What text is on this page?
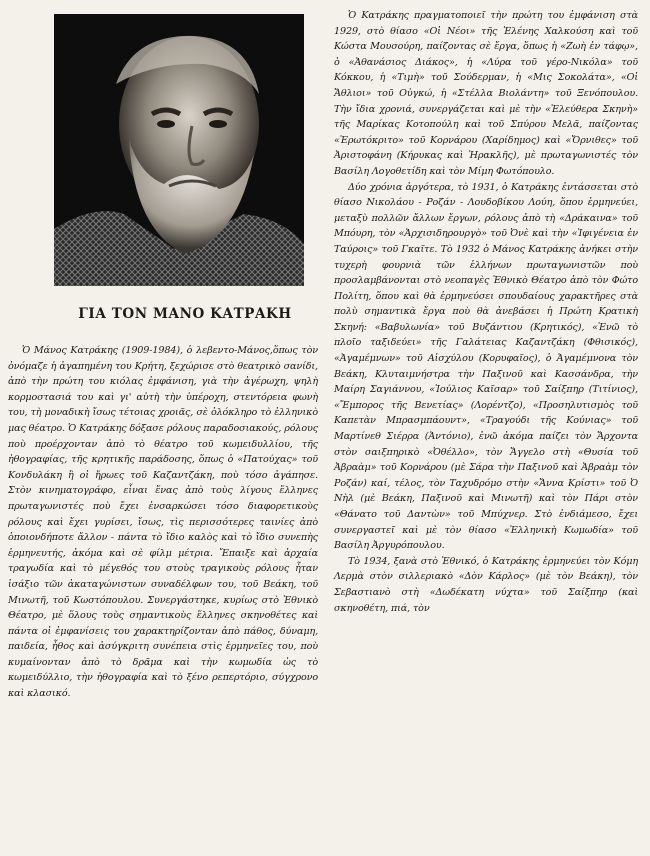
ΓΙΑ ΤΟΝ ΜΑΝΟ ΚΑΤΡΑΚΗ

Ὁ Μάνος Κατράκης (1909-1984), ὁ λεβεντο-Μάνος,ὅπως τὸν ὀνόμαζε ἡ ἀγαπημένη του Κρήτη, ξεχώρισε στὸ θεατρικὸ σανίδι, ἀπὸ τὴν πρώτη του κιόλας ἐμφάνιση, γιὰ τὴν ἀγέρωχη, ψηλὴ κορμοστασιά του καὶ γι' αὐτὴ τὴν ὑπέροχη, στεντόρεια φωνὴ του, τὴ μοναδικὴ ἴσως τέτοιας χροιᾶς, σὲ ὁλόκληρο τὸ ἑλληνικὸ μας θέατρο. Ὁ Κατράκης δόξασε ρόλους παραδοσιακούς, ρόλους ποὺ προέρχονταν ἀπὸ τὸ θέατρο τοῦ κωμειδυλλίου, τῆς ἠθογραφίας, τῆς κρητικῆς παράδοσης, ὅπως ὁ «Πατούχας» τοῦ Κονδυλάκη ἢ οἱ ἥρωες τοῦ Καζαντζάκη, ποὺ τόσο ἀγάπησε. Στὸν κινηματογράφο, εἶναι ἕνας ἀπὸ τοὺς λίγους ἕλληνες πρωταγωνιστές ποὺ ἔχει ἐνσαρκώσει τόσο διαφορετικοὺς ρόλους καὶ ἔχει γυρίσει, ἴσως, τὶς περισσότερες ταινίες ἀπὸ ὁποιονδήποτε ἄλλον - πάντα τὸ ἴδιο καλὸς καὶ τὸ ἴδιο συνεπὴς ἑρμηνευτής, ἀκόμα καὶ σὲ φίλμ μέτρια. Ἔπαιξε καὶ ἀρχαία τραγωδία καὶ τὸ μέγεθός του στοὺς τραγικοὺς ρόλους ἦταν ἰσάξιο τῶν ἀκαταγώνιστων συναδέλφων του, τοῦ Βεάκη, τοῦ Μινωτῆ, τοῦ Κωστόπουλου. Συνεργάστηκε, κυρίως στὸ Ἐθνικὸ Θέατρο, μὲ ὅλους τοὺς σημαντικοὺς ἕλληνες σκηνοθέτες καὶ πάντα οἱ ἐμφανίσεις του χαρακτηρίζονταν ἀπὸ πάθος, δύναμη, παιδεία, ἦθος καὶ ἀσύγκριτη συνέπεια στὶς ἑρμηνεῖες του, ποὺ κυμαίνονταν ἀπὸ τὸ δρᾶμα καὶ τὴν κωμωδία ὡς τὸ κωμειδύλλιο, τὴν ἠθογραφία καὶ τὸ ξένο ρεπερτόριο, σύγχρονο καὶ κλασικό.

Ὁ Κατράκης πραγματοποιεῖ τὴν πρώτη του ἐμφάνιση στὰ 1929, στὸ θίασο «Οἱ Νέοι» τῆς Ἑλένης Χαλκούση καὶ τοῦ Κώστα Μουσούρη, παίζοντας σὲ ἔργα, ὅπως ἡ «Ζωὴ ἐν τάφῳ», ὁ «Ἀθανάσιος Διάκος», ἡ «Λύρα τοῦ γέρο-Νικόλα» τοῦ Κόκκου, ἡ «Τιμὴ» τοῦ Σούδερμαν, ἡ «Μις Σοκολάτα», «Οἱ Ἄθλιοι» τοῦ Οὐγκώ, ἡ «Στέλλα Βιολάντη» τοῦ Ξενόπουλου. Τὴν ἴδια χρονιά, συνεργάζεται καὶ μὲ τὴν «Ἐλεύθερα Σκηνὴ» τῆς Μαρίκας Κοτοπούλη καὶ τοῦ Σπύρου Μελᾶ, παίζοντας «Ἐρωτόκριτο» τοῦ Κορνάρου (Χαρίδημος) καὶ «Ὄρνιθες» τοῦ Ἀριστοφάνη (Κήρυκας καὶ Ἡρακλῆς), μὲ πρωταγωνιστές τὸν Βασίλη Λογοθετίδη καὶ τὸν Μίμη Φωτόπουλο.

Δύο χρόνια ἀργότερα, τὸ 1931, ὁ Κατράκης ἐντάσσεται στὸ θίασο Νικολάου - Ροζάν - Λουδοβίκου Λούη, ὅπου ἑρμηνεύει, μεταξὺ πολλῶν ἄλλων ἔργων, ρόλους ἀπὸ τὴ «Δράκαινα» τοῦ Μπόυρη, τὸν «Ἀρχισιδηρουργὸ» τοῦ Ὀνὲ καὶ τὴν «Ἰφιγένεια ἐν Ταύροις» τοῦ Γκαῖτε. Τὸ 1932 ὁ Μάνος Κατράκης ἀνήκει στὴν τυχερὴ φουρνιὰ τῶν ἑλλήνων πρωταγωνιστῶν ποὺ προσλαμβάνονται στὸ νεοπαγὲς Ἐθνικὸ Θέατρο ἀπὸ τὸν Φώτο Πολίτη, ὅπου καὶ θὰ ἑρμηνεύσει σπουδαίους χαρακτῆρες στὰ πολὺ σημαντικὰ ἔργα ποὺ θὰ ἀνεβάσει ἡ Πρώτη Κρατικὴ Σκηνή: «Βαβυλωνία» τοῦ Βυζάντιου (Κρητικός), «Ἐνῶ τὸ πλοῖο ταξιδεύει» τῆς Γαλάτειας Καζαντζάκη (Φθισικός), «Ἀγαμέμνων» τοῦ Αἰσχύλου (Κορυφαῖος), ὁ Ἀγαμέμνονα τὸν Βεάκη, Κλυταιμνήστρα τὴν Παξινοῦ καὶ Κασσάνδρα, τὴν Μαίρη Σαγιάννου, «Ἰούλιος Καῖσαρ» τοῦ Σαίξπηρ (Τιτίνιος), «Ἔμπορος τῆς Βενετίας» (Λορέντζο), «Προσηλυτισμὸς τοῦ Καπετὰν Μπρασμπάουντ», «Τραγούδι τῆς Κούνιας» τοῦ Μαρτίνεθ Σιέρρα (Ἀντόνιο), ἐνῶ ἀκόμα παίζει τὸν Ἄρχοντα στὸν σαιξπηρικὸ «Ὀθέλλο», τὸν Ἄγγελο στὴ «Θυσία τοῦ Ἀβραὰμ» τοῦ Κορνάρου (μὲ Σάρα τὴν Παξινοῦ καὶ Ἀβραὰμ τὸν Ροζάν) καί, τέλος, τὸν Ταχυδρόμο στὴν «Ἄννα Κρίστι» τοῦ Ὀ Νὴλ (μὲ Βεάκη, Παξινοῦ καὶ Μινωτῆ) καὶ τὸν Πάρι στὸν «Θάνατο τοῦ Δαντὼν» τοῦ Μπύχνερ. Στὸ ἐνδιάμεσο, ἔχει συνεργαστεῖ καὶ μὲ τὸν θίασο «Ἑλληνικὴ Κωμωδία» τοῦ Βασίλη Ἀργυρόπουλου.

Τὸ 1934, ξανὰ στὸ Ἐθνικό, ὁ Κατράκης ἑρμηνεύει τὸν Κόμη Λερμὰ στὸν σιλλεριακὸ «Δὸν Κάρλος» (μὲ τὸν Βεάκη), τὸν Σεβαστιανὸ στὴ «Δωδέκατη νύχτα» τοῦ Σαίξπηρ (καὶ σκηνοθέτη, πιά, τὸν
